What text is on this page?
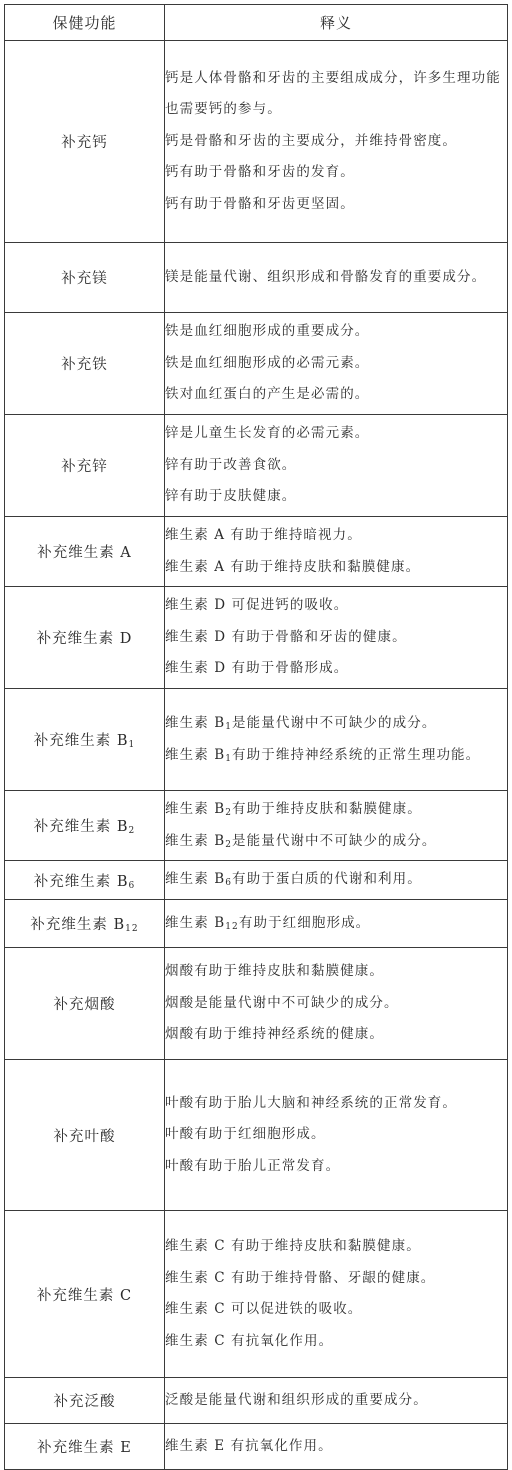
保健功能	释义
补充钙	钙是人体骨骼和牙齿的主要组成成分，许多生理功能也需要钙的参与。

钙是骨骼和牙齿的主要成分，并维持骨密度。

钙有助于骨骼和牙齿的发育。

钙有助于骨骼和牙齿更坚固。

补充镁	镁是能量代谢、组织形成和骨骼发育的重要成分。

补充铁	铁是血红细胞形成的重要成分。

铁是血红细胞形成的必需元素。

铁对血红蛋白的产生是必需的。

补充锌	锌是儿童生长发育的必需元素。

锌有助于改善食欲。

锌有助于皮肤健康。

补充维生素 A	维生素 A 有助于维持暗视力。

维生素 A 有助于维持皮肤和黏膜健康。

补充维生素 D	维生素 D 可促进钙的吸收。

维生素 D 有助于骨骼和牙齿的健康。

维生素 D 有助于骨骼形成。

补充维生素 $B_1$	维生素 $B_1$是能量代谢中不可缺少的成分。

维生素 $B_1$有助于维持神经系统的正常生理功能。

补充维生素 $B_2$	维生素 $B_2$有助于维持皮肤和黏膜健康。

维生素 $B_2$是能量代谢中不可缺少的成分。

补充维生素 $B_6$	维生素 $B_6$有助于蛋白质的代谢和利用。

补充维生素 $B_{12}$	维生素 $B_{12}$有助于红细胞形成。

补充烟酸	烟酸有助于维持皮肤和黏膜健康。

烟酸是能量代谢中不可缺少的成分。

烟酸有助于维持神经系统的健康。

补充叶酸	叶酸有助于胎儿大脑和神经系统的正常发育。

叶酸有助于红细胞形成。

叶酸有助于胎儿正常发育。

补充维生素 C	维生素 C 有助于维持皮肤和黏膜健康。

维生素 C 有助于维持骨骼、牙龈的健康。

维生素 C 可以促进铁的吸收。

维生素 C 有抗氧化作用。

补充泛酸	泛酸是能量代谢和组织形成的重要成分。

补充维生素 E	维生素 E 有抗氧化作用。
